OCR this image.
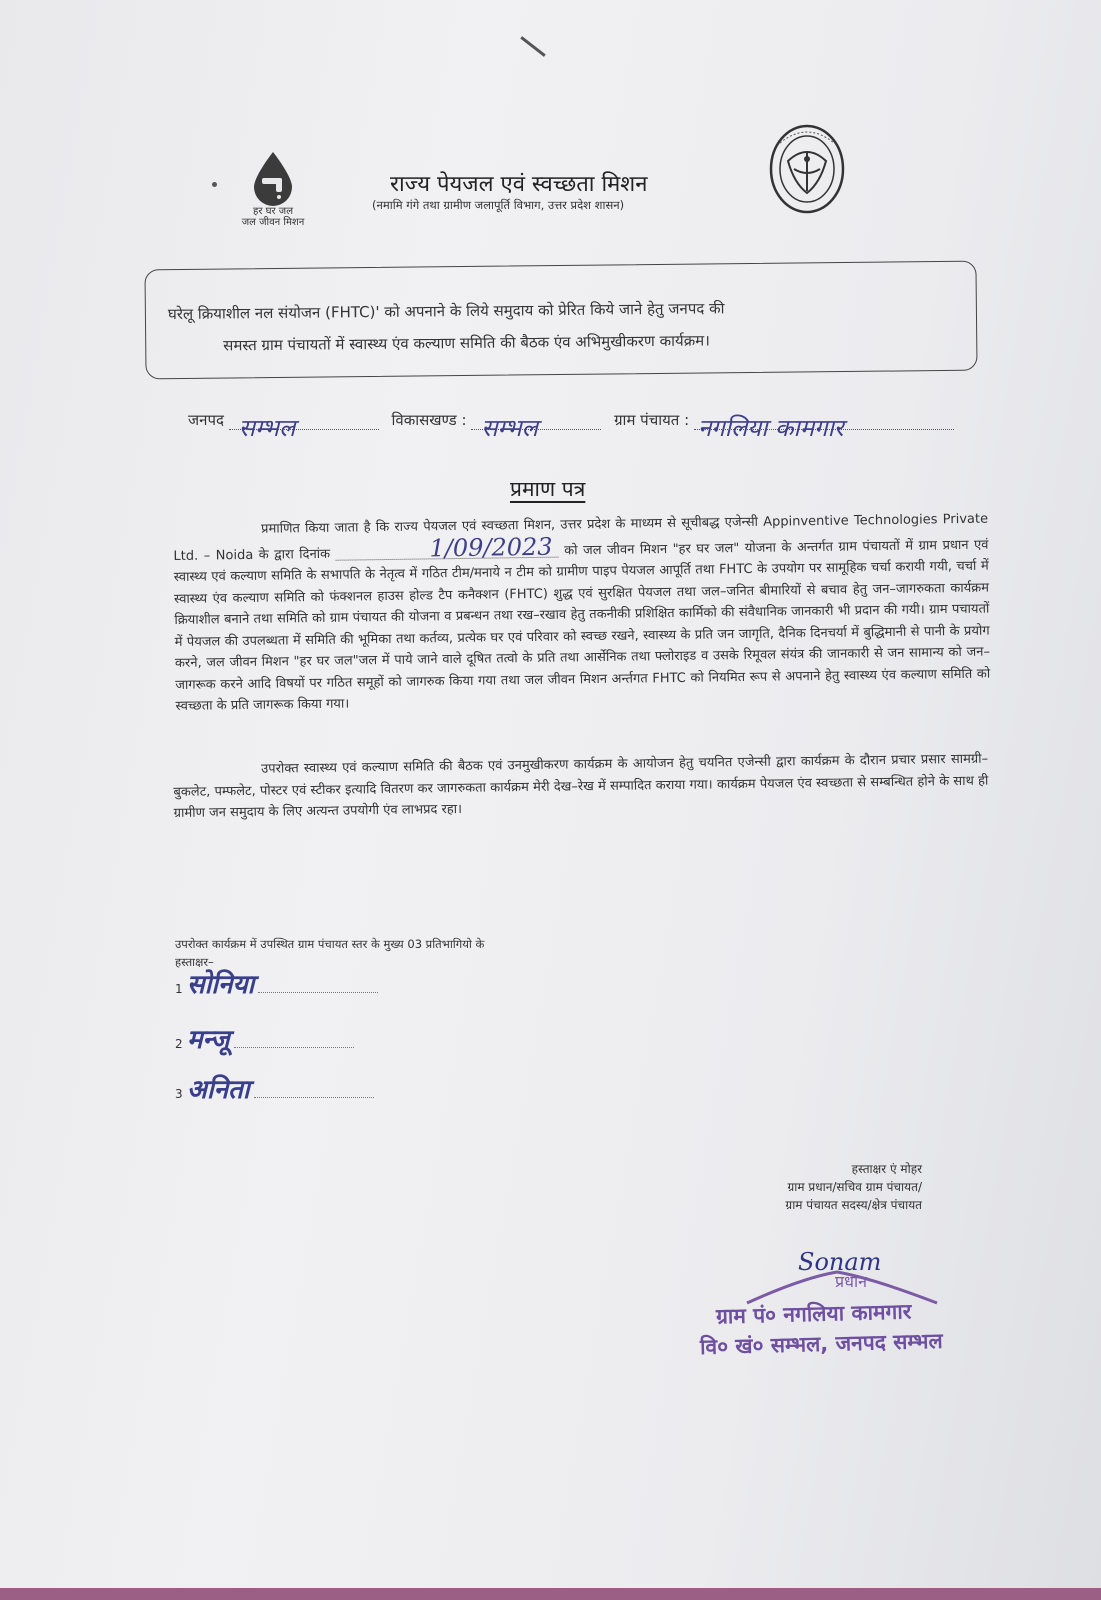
हर घर जल
जल जीवन मिशन
राज्य पेयजल एवं स्वच्छता मिशन
(नमामि गंगे तथा ग्रामीण जलापूर्ति विभाग, उत्तर प्रदेश शासन)

घरेलू क्रियाशील नल संयोजन (FHTC)' को अपनाने के लिये समुदाय को प्रेरित किये जाने हेतु जनपद की

समस्त ग्राम पंचायतों में स्वास्थ्य एंव कल्याण समिति की बैठक एंव अभिमुखीकरण कार्यक्रम।

जनपद सम्भल	विकासखण्ड : सम्भल	ग्राम पंचायत : नगलिया कामगार
प्रमाण पत्र
प्रमाणित किया जाता है कि राज्य पेयजल एवं स्वच्छता मिशन, उत्तर प्रदेश के माध्यम से सूचीबद्ध एजेन्सी Appinventive Technologies Private Ltd. – Noida के द्वारा दिनांक	1/09/2023 को जल जीवन मिशन "हर घर जल" योजना के अन्तर्गत ग्राम पंचायतों में ग्राम प्रधान एवं स्वास्थ्य एवं कल्याण समिति के सभापति के नेतृत्व में गठित टीम/मनाये न टीम को ग्रामीण पाइप पेयजल आपूर्ति तथा FHTC के उपयोग पर सामूहिक चर्चा करायी गयी, चर्चा में स्वास्थ्य एंव कल्याण समिति को फंक्शनल हाउस होल्ड टैप कनैक्शन (FHTC) शुद्ध एवं सुरक्षित पेयजल तथा जल–जनित बीमारियों से बचाव हेतु जन–जागरुकता कार्यक्रम क्रियाशील बनाने तथा समिति को ग्राम पंचायत की योजना व प्रबन्धन तथा रख–रखाव हेतु तकनीकी प्रशिक्षित कार्मिको की संवैधानिक जानकारी भी प्रदान की गयी। ग्राम पचायतों में पेयजल की उपलब्धता में समिति की भूमिका तथा कर्तव्य, प्रत्येक घर एवं परिवार को स्वच्छ रखने, स्वास्थ्य के प्रति जन जागृति, दैनिक दिनचर्या में बुद्धिमानी से पानी के प्रयोग करने, जल जीवन मिशन "हर घर जल"जल में पाये जाने वाले दूषित तत्वो के प्रति तथा आर्सेनिक तथा फ्लोराइड व उसके रिमूवल संयंत्र की जानकारी से जन सामान्य को जन–जागरूक करने आदि विषयों पर गठित समूहों को जागरुक किया गया तथा जल जीवन मिशन अर्न्तगत FHTC को नियमित रूप से अपनाने हेतु स्वास्थ्य एंव कल्याण समिति को स्वच्छता के प्रति जागरूक किया गया।
उपरोक्त स्वास्थ्य एवं कल्याण समिति की बैठक एवं उनमुखीकरण कार्यक्रम के आयोजन हेतु चयनित एजेन्सी द्वारा कार्यक्रम के दौरान प्रचार प्रसार सामग्री–बुकलेट, पम्फलेट, पोस्टर एवं स्टीकर इत्यादि वितरण कर जागरुकता कार्यक्रम मेरी देख–रेख में सम्पादित कराया गया। कार्यक्रम पेयजल एंव स्वच्छता से सम्बन्धित होने के साथ ही ग्रामीण जन समुदाय के लिए अत्यन्त उपयोगी एंव लाभप्रद रहा।
उपरोक्त कार्यक्रम में उपस्थित ग्राम पंचायत स्तर के मुख्य 03 प्रतिभागियो के
हस्ताक्षर–
1 सोनिया
2 मन्जू
3 अनिता
हस्ताक्षर एं मोहर
ग्राम प्रधान/सचिव ग्राम पंचायत/
ग्राम पंचायत सदस्य/क्षेत्र पंचायत
Sonam
प्रधान
ग्राम पं० नगलिया कामगार
वि० खं० सम्भल, जनपद सम्भल
